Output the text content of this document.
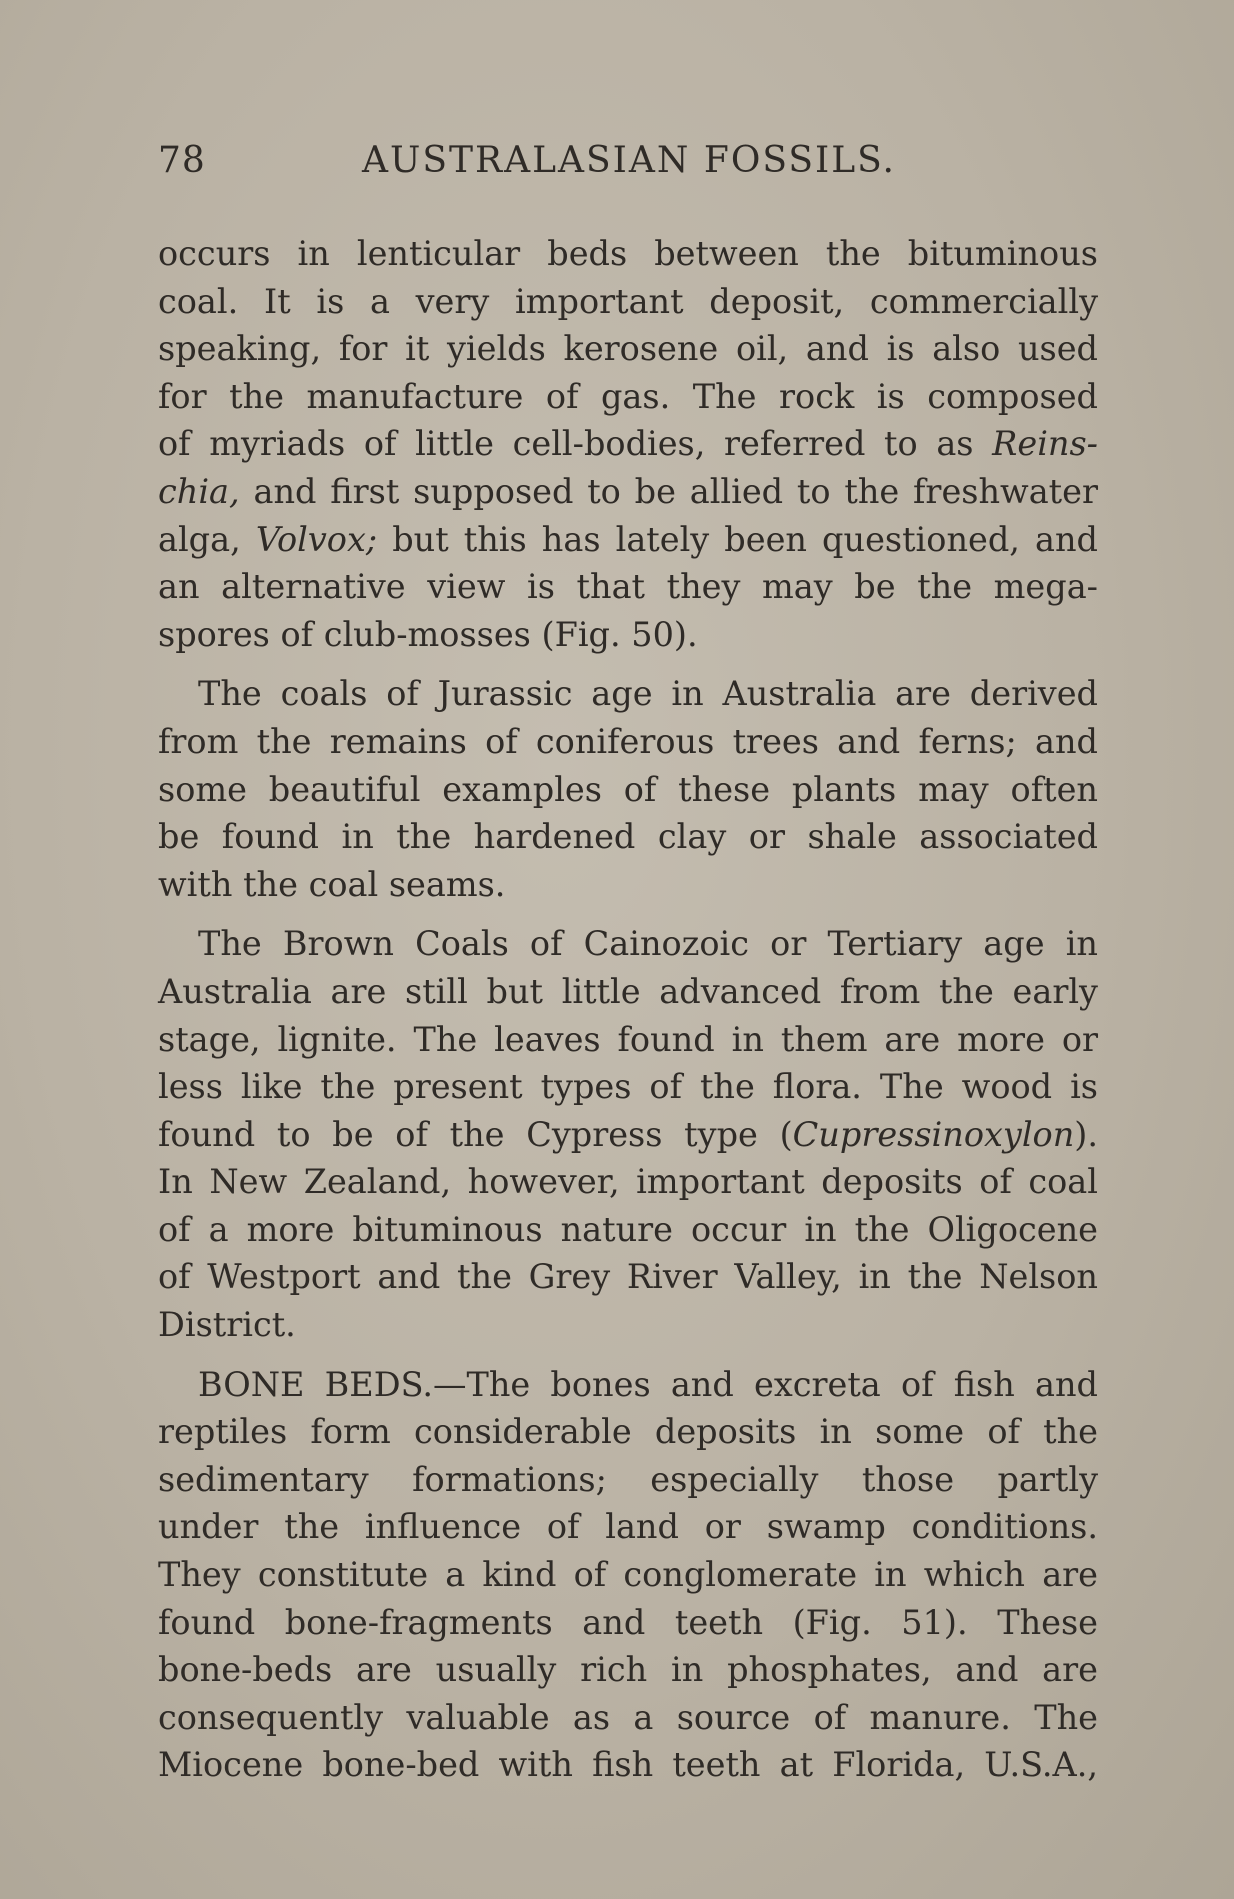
78	AUSTRALASIAN FOSSILS.

occurs in lenticular beds between the bituminous
coal. It is a very important deposit, commercially
speaking, for it yields kerosene oil, and is also used
for the manufacture of gas. The rock is composed
of myriads of little cell-bodies, referred to as Reins-
chia, and first supposed to be allied to the freshwater
alga, Volvox; but this has lately been questioned, and
an alternative view is that they may be the mega-
spores of club-mosses (Fig. 50).

The coals of Jurassic age in Australia are derived
from the remains of coniferous trees and ferns; and
some beautiful examples of these plants may often
be found in the hardened clay or shale associated
with the coal seams.

The Brown Coals of Cainozoic or Tertiary age in
Australia are still but little advanced from the early
stage, lignite. The leaves found in them are more or
less like the present types of the flora. The wood is
found to be of the Cypress type (Cupressinoxylon).
In New Zealand, however, important deposits of coal
of a more bituminous nature occur in the Oligocene
of Westport and the Grey River Valley, in the Nelson
District.

BONE BEDS.—The bones and excreta of fish and
reptiles form considerable deposits in some of the
sedimentary formations; especially those partly
under the influence of land or swamp conditions.
They constitute a kind of conglomerate in which are
found bone-fragments and teeth (Fig. 51). These
bone-beds are usually rich in phosphates, and are
consequently valuable as a source of manure. The
Miocene bone-bed with fish teeth at Florida, U.S.A.,
